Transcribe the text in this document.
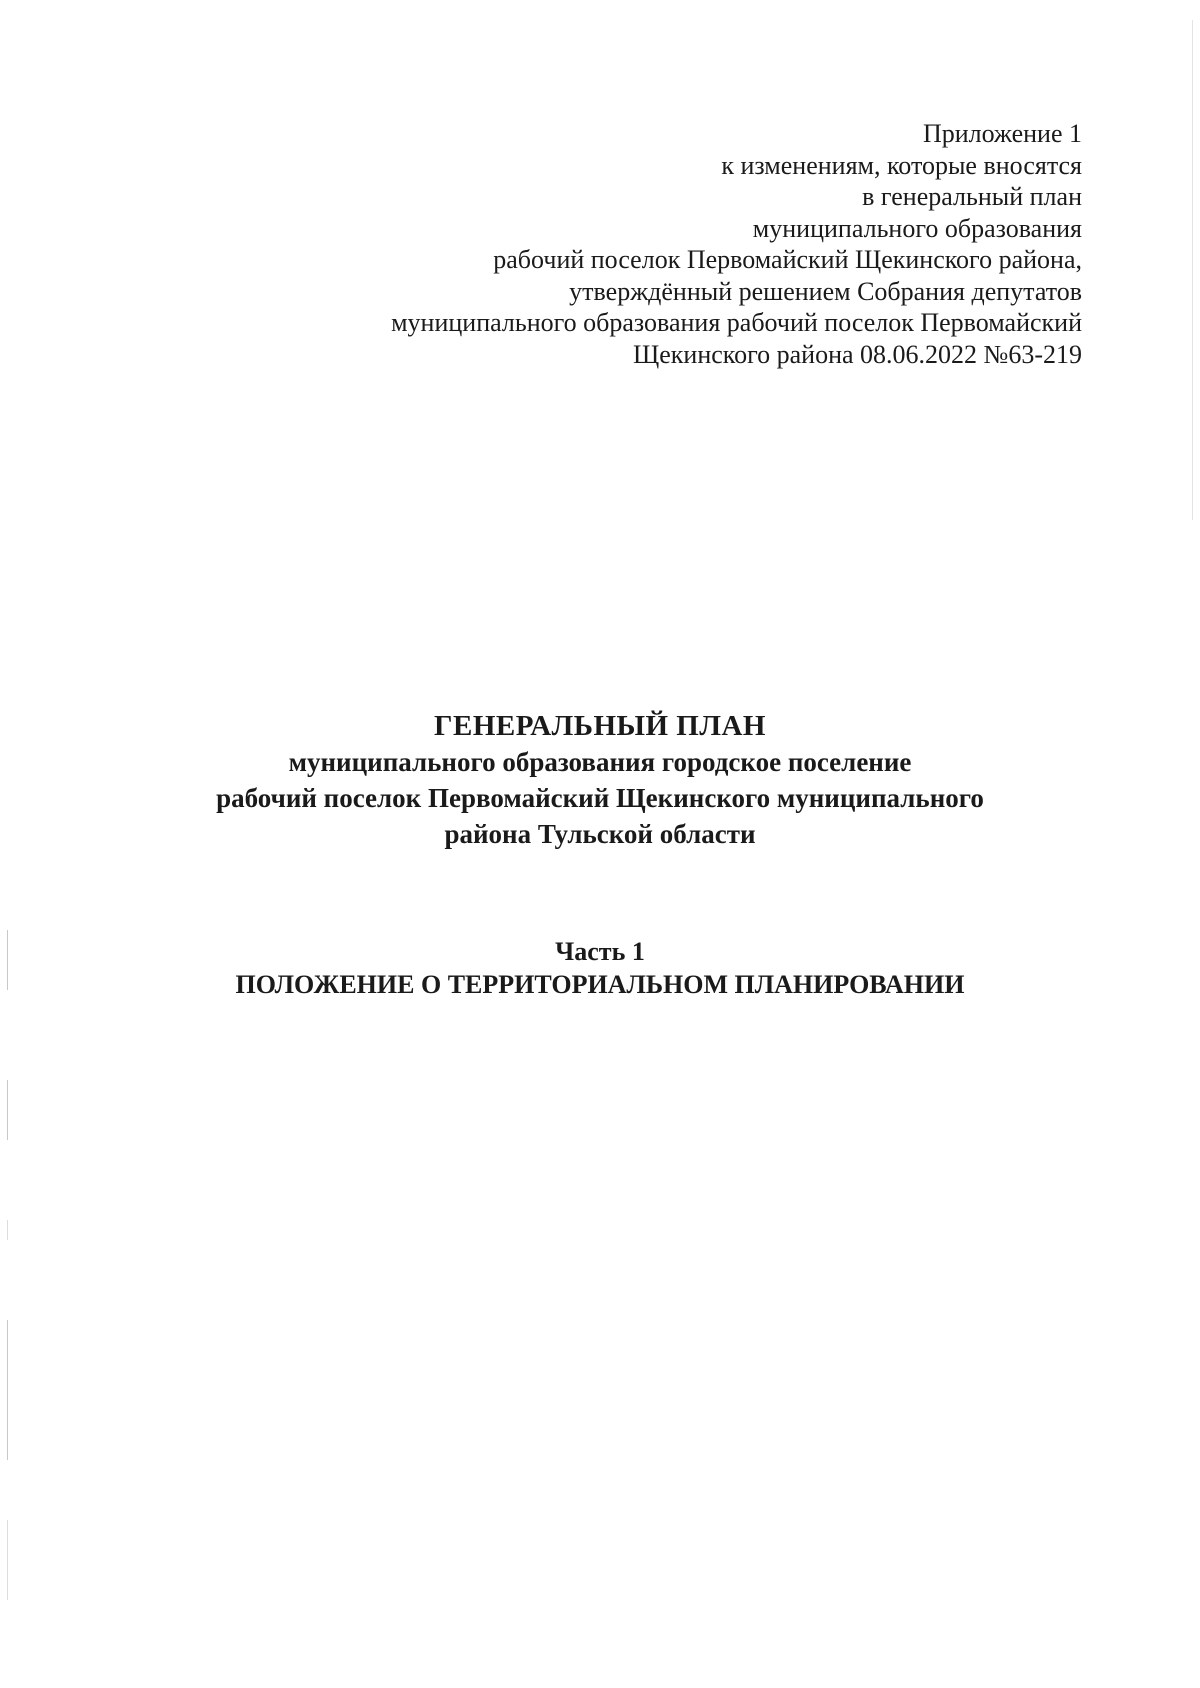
Приложение 1
к изменениям, которые вносятся
в генеральный план
муниципального образования
рабочий поселок Первомайский Щекинского района,
утверждённый решением Собрания депутатов
муниципального образования рабочий поселок Первомайский
Щекинского района 08.06.2022 №63-219
ГЕНЕРАЛЬНЫЙ ПЛАН
муниципального образования городское поселение
рабочий поселок Первомайский Щекинского муниципального
района Тульской области
Часть 1
ПОЛОЖЕНИЕ О ТЕРРИТОРИАЛЬНОМ ПЛАНИРОВАНИИ
